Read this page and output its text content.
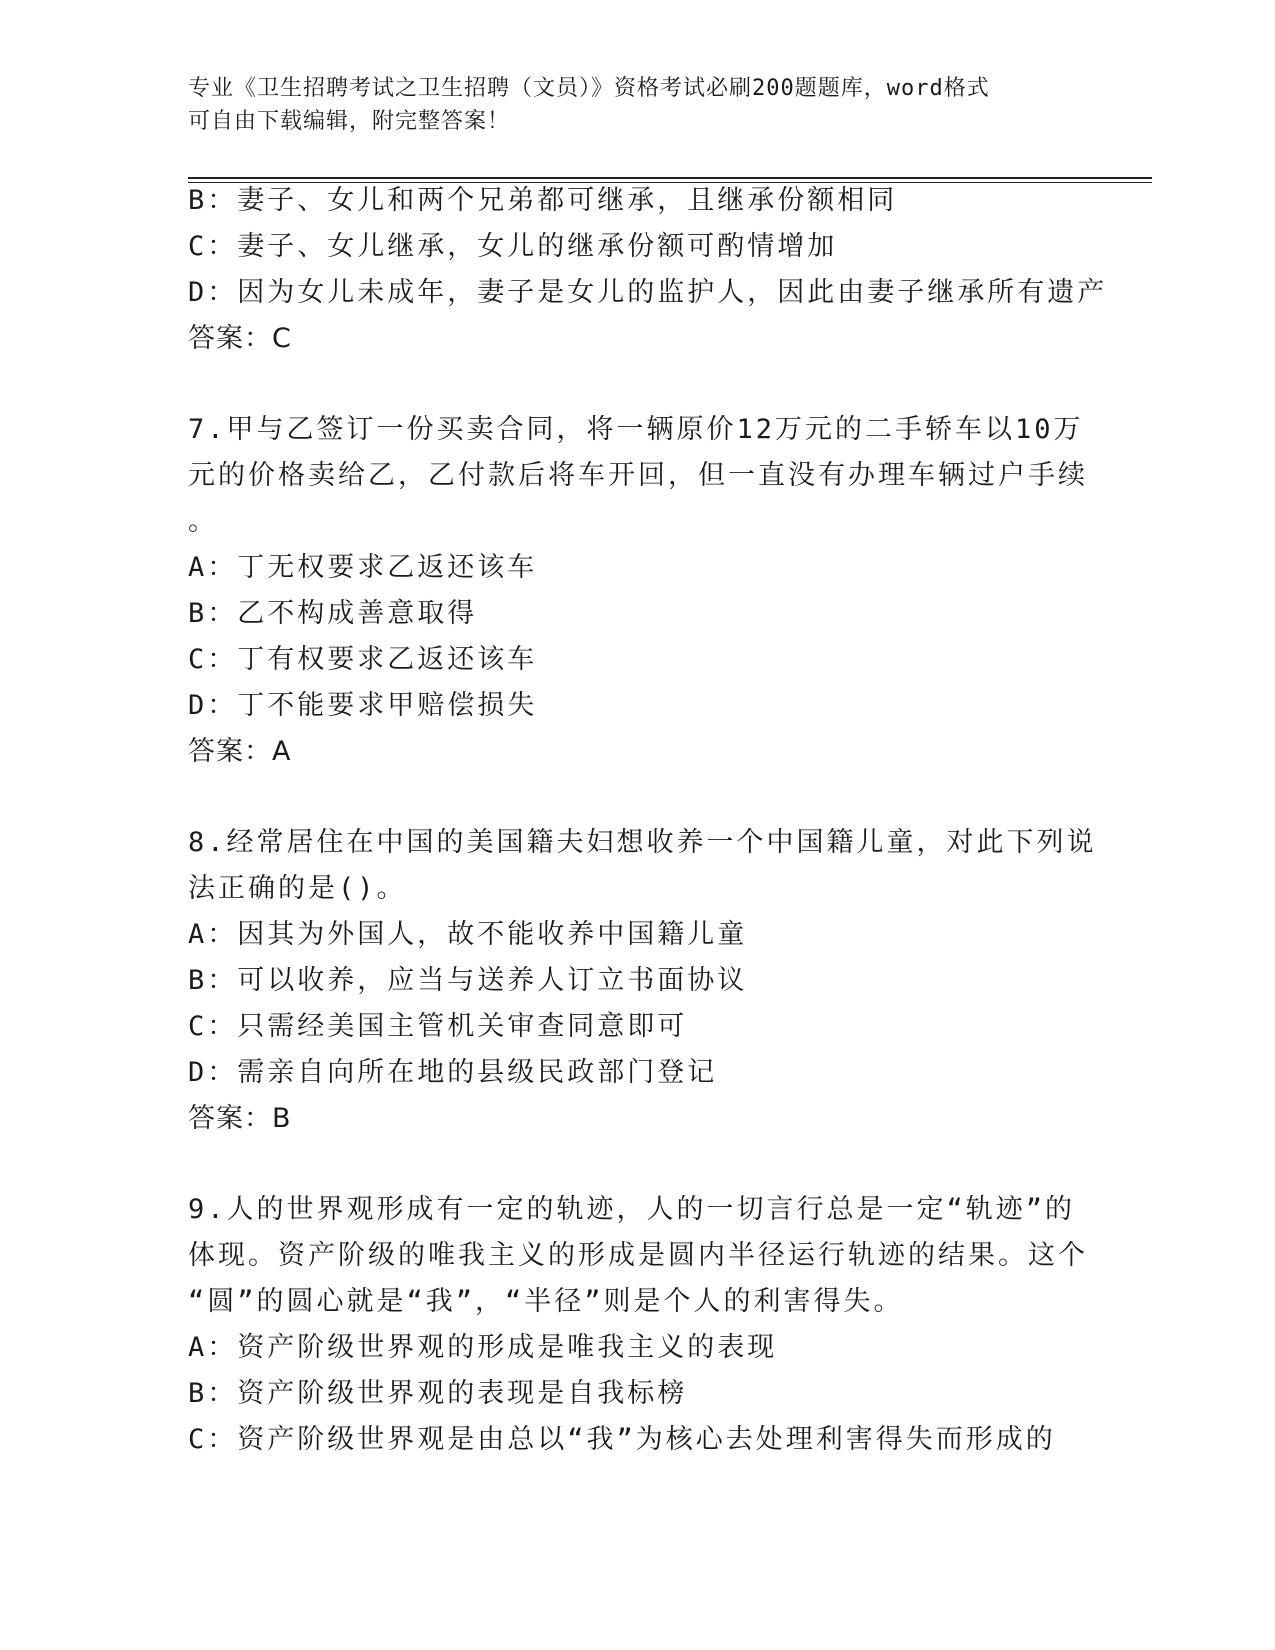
专业《卫生招聘考试之卫生招聘（文员）》资格考试必刷200题题库，word格式
可自由下载编辑，附完整答案！
B：妻子、女儿和两个兄弟都可继承，且继承份额相同
C：妻子、女儿继承，女儿的继承份额可酌情增加
D：因为女儿未成年，妻子是女儿的监护人，因此由妻子继承所有遗产
答案：C
7.甲与乙签订一份买卖合同，将一辆原价12万元的二手轿车以10万
元的价格卖给乙，乙付款后将车开回，但一直没有办理车辆过户手续
。
A：丁无权要求乙返还该车
B：乙不构成善意取得
C：丁有权要求乙返还该车
D：丁不能要求甲赔偿损失
答案：A
8.经常居住在中国的美国籍夫妇想收养一个中国籍儿童，对此下列说
法正确的是()。
A：因其为外国人，故不能收养中国籍儿童
B：可以收养，应当与送养人订立书面协议
C：只需经美国主管机关审查同意即可
D：需亲自向所在地的县级民政部门登记
答案：B
9.人的世界观形成有一定的轨迹，人的一切言行总是一定“轨迹”的
体现。资产阶级的唯我主义的形成是圆内半径运行轨迹的结果。这个
“圆”的圆心就是“我”，“半径”则是个人的利害得失。
A：资产阶级世界观的形成是唯我主义的表现
B：资产阶级世界观的表现是自我标榜
C：资产阶级世界观是由总以“我”为核心去处理利害得失而形成的
